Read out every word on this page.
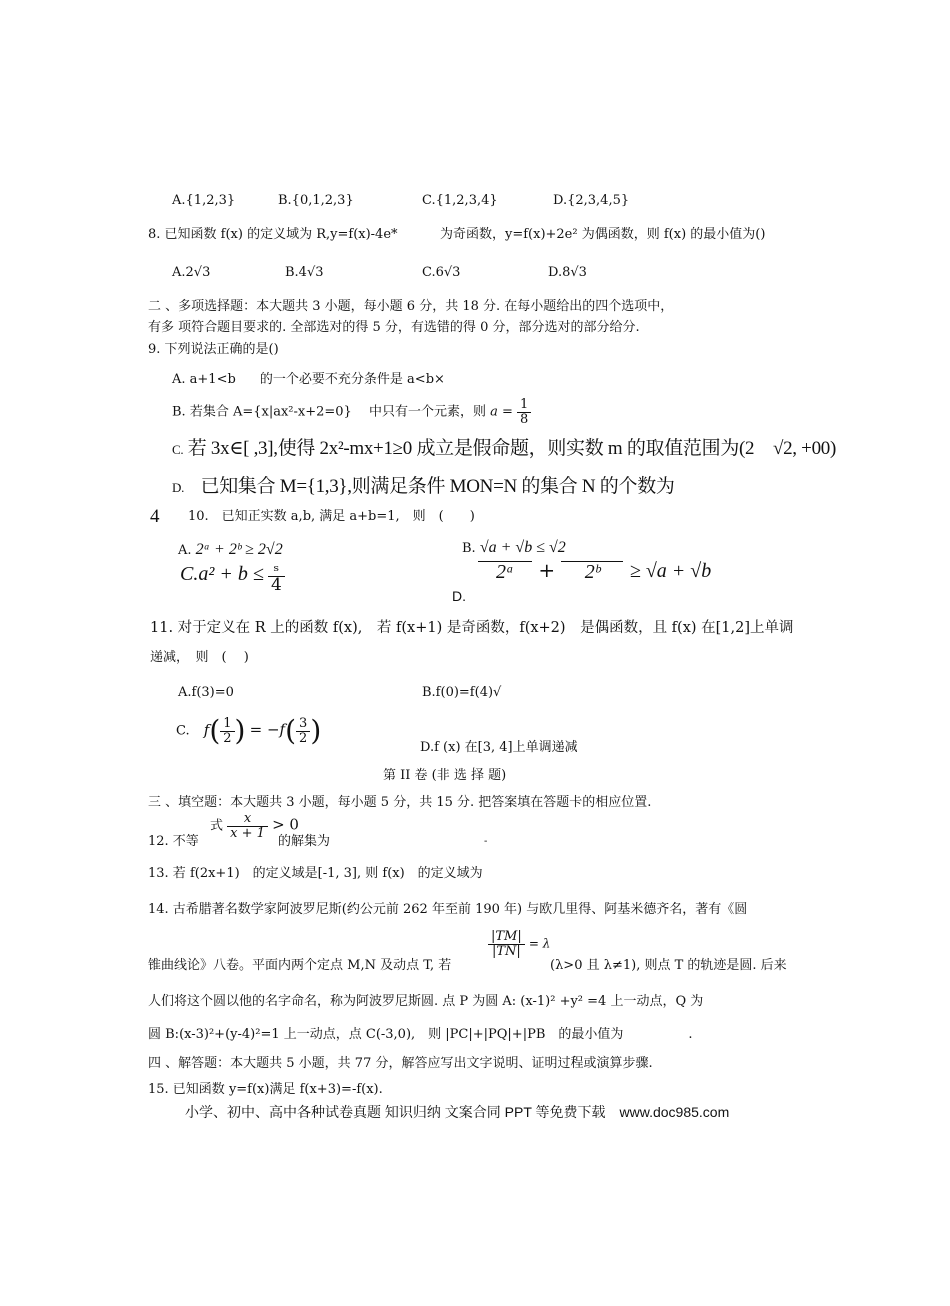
A.{1,2,3}	B.{0,1,2,3}	C.{1,2,3,4}	D.{2,3,4,5}
8. 已知函数 f(x) 的定义域为 R,y=f(x)-4e*	为奇函数，y=f(x)+2e² 为偶函数，则 f(x) 的最小值为()
A.2√3	B.4√3	C.6√3	D.8√3
二 、多项选择题：本大题共 3 小题，每小题 6 分，共 18 分. 在每小题给出的四个选项中，
有多 项符合题目要求的. 全部选对的得 5 分，有选错的得 0 分，部分选对的部分给分.
9. 下列说法正确的是()
A. a+1<b 的一个必要不充分条件是 a<b×
B. 若集合 A={x|ax²-x+2=0}　 中只有一个元素，则 $a = \frac{1}{8}$
C. 若 3x∈[ ,3],使得 2x²-mx+1≥0 成立是假命题，则实数 m 的取值范围为(2　√2, +00)
D. 已知集合 M={1,3},则满足条件 MON=N 的集合 N 的个数为
4 10.　已知正实数 a,b, 满足 a+b=1,　则　(　　)
A. 2ᵃ + 2ᵇ ≥ 2√2	B. √a + √b ≤ √2
$C.a^2 + b \le \frac{\text{ₛ}}{4}$	2ᵃ	+	2ᵇ	≥ √a + √b
D.
11. 对于定义在 R 上的函数 f(x),　若 f(x+1) 是奇函数，f(x+2)　是偶函数，且 f(x) 在[1,2]上单调
递减，　则　(　 )
A.f(3)=0	B.f(0)=f(4)√
C. $f( \frac{1}{2}$ ) = $-f( \frac{3}{2}$ )
D.f (x) 在[3, 4]上单调递减
第 II 卷 (非 选 择 题)
三 、填空题：本大题共 3 小题，每小题 5 分，共 15 分. 把答案填在答题卡的相应位置.
12. 不等
式 $\frac{x}{x + 1} > 0$
的解集为	-
13. 若 f(2x+1)　的定义域是[-1, 3], 则 f(x)　的定义域为
14. 古希腊著名数学家阿波罗尼斯(约公元前 262 年至前 190 年) 与欧几里得、阿基米德齐名，著有《圆
锥曲线论》八卷。平面内两个定点 M,N 及动点 T, 若
$\frac{|TM|}{|TN|} = \lambda$
(λ>0 且 λ≠1), 则点 T 的轨迹是圆. 后来
人们将这个圆以他的名字命名，称为阿波罗尼斯圆. 点 P 为圆 A: (x-1)² +y² =4 上一动点，Q 为
圆 B:(x-3)²+(y-4)²=1 上一动点，点 C(-3,0),　则 |PC|+|PQ|+|PB　的最小值为　　　　　.
四 、解答题：本大题共 5 小题，共 77 分，解答应写出文字说明、证明过程或演算步骤.
15. 已知函数 y=f(x)满足 f(x+3)=-f(x).
小学、初中、高中各种试卷真题 知识归纳 文案合同 PPT 等免费下载　www.doc985.com
